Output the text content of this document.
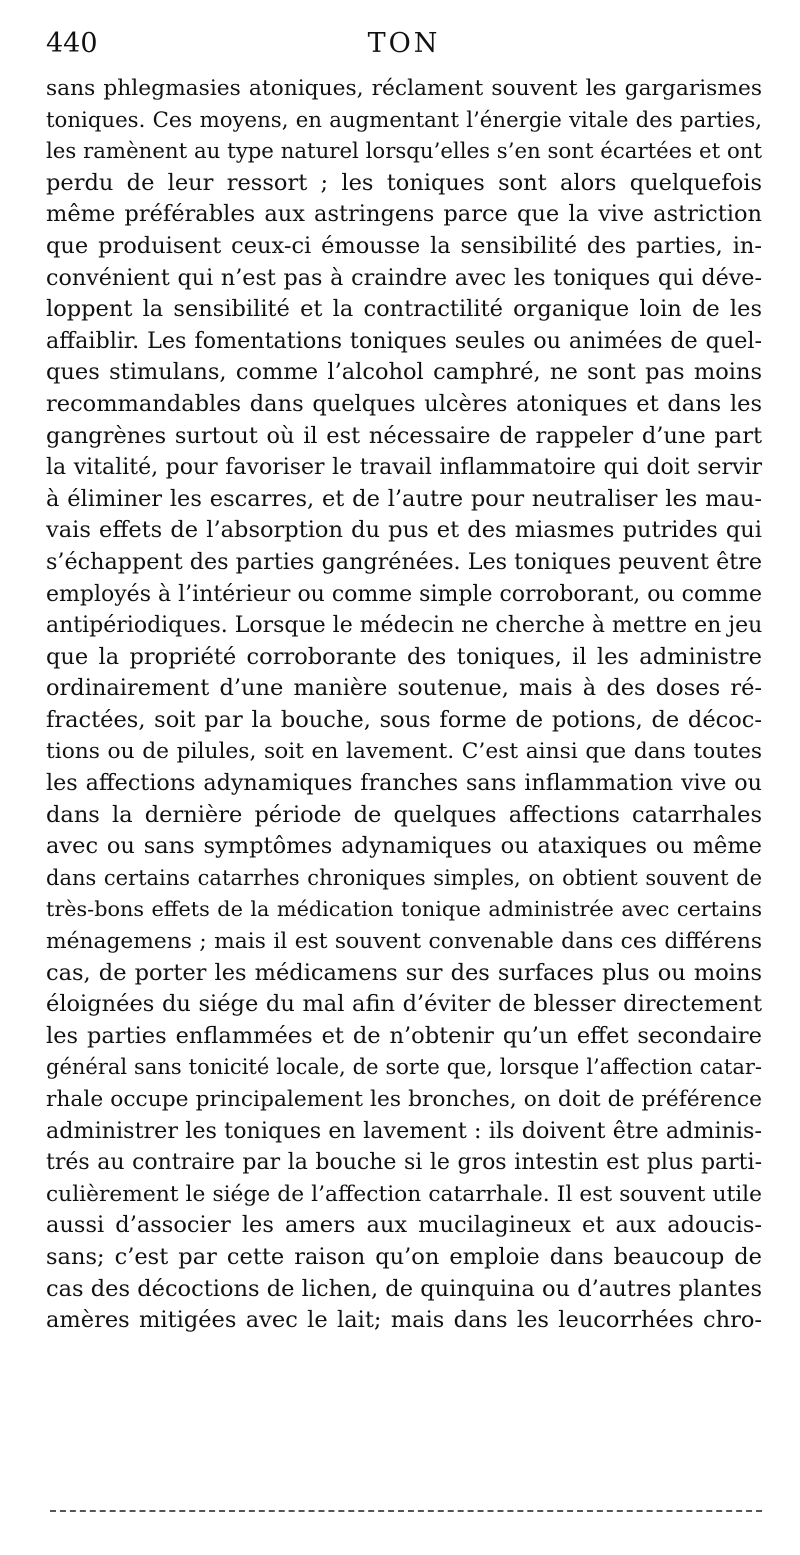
440	TON
sans phlegmasies atoniques, réclament souvent les gargarismes
toniques. Ces moyens, en augmentant l’énergie vitale des parties,
les ramènent au type naturel lorsqu’elles s’en sont écartées et ont
perdu de leur ressort ; les toniques sont alors quelquefois
même préférables aux astringens parce que la vive astriction
que produisent ceux-ci émousse la sensibilité des parties, in-
convénient qui n’est pas à craindre avec les toniques qui déve-
loppent la sensibilité et la contractilité organique loin de les
affaiblir. Les fomentations toniques seules ou animées de quel-
ques stimulans, comme l’alcohol camphré, ne sont pas moins
recommandables dans quelques ulcères atoniques et dans les
gangrènes surtout où il est nécessaire de rappeler d’une part
la vitalité, pour favoriser le travail inflammatoire qui doit servir
à éliminer les escarres, et de l’autre pour neutraliser les mau-
vais effets de l’absorption du pus et des miasmes putrides qui
s’échappent des parties gangrénées. Les toniques peuvent être
employés à l’intérieur ou comme simple corroborant, ou comme
antipériodiques. Lorsque le médecin ne cherche à mettre en jeu
que la propriété corroborante des toniques, il les administre
ordinairement d’une manière soutenue, mais à des doses ré-
fractées, soit par la bouche, sous forme de potions, de décoc-
tions ou de pilules, soit en lavement. C’est ainsi que dans toutes
les affections adynamiques franches sans inflammation vive ou
dans la dernière période de quelques affections catarrhales
avec ou sans symptômes adynamiques ou ataxiques ou même
dans certains catarrhes chroniques simples, on obtient souvent de
très-bons effets de la médication tonique administrée avec certains
ménagemens ; mais il est souvent convenable dans ces différens
cas, de porter les médicamens sur des surfaces plus ou moins
éloignées du siége du mal afin d’éviter de blesser directement
les parties enflammées et de n’obtenir qu’un effet secondaire
général sans tonicité locale, de sorte que, lorsque l’affection catar-
rhale occupe principalement les bronches, on doit de préférence
administrer les toniques en lavement : ils doivent être adminis-
trés au contraire par la bouche si le gros intestin est plus parti-
culièrement le siége de l’affection catarrhale. Il est souvent utile
aussi d’associer les amers aux mucilagineux et aux adoucis-
sans; c’est par cette raison qu’on emploie dans beaucoup de
cas des décoctions de lichen, de quinquina ou d’autres plantes
amères mitigées avec le lait; mais dans les leucorrhées chro-
